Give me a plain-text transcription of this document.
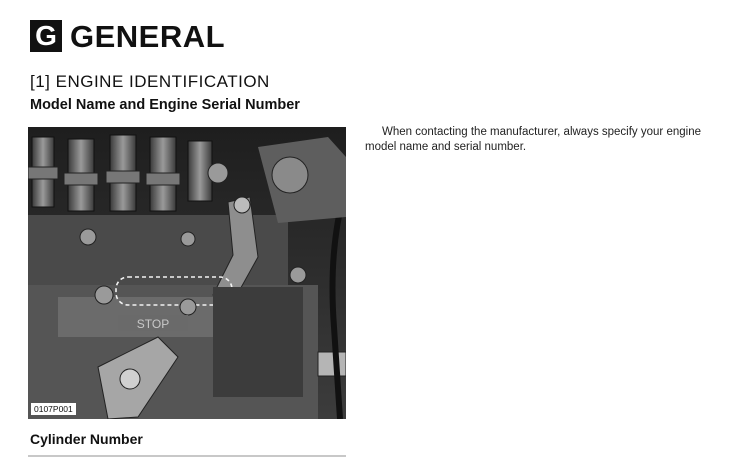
G GENERAL
[1] ENGINE IDENTIFICATION
Model Name and Engine Serial Number
STOP
0107P001

When contacting the manufacturer, always specify your engine model name and serial number.

Cylinder Number
